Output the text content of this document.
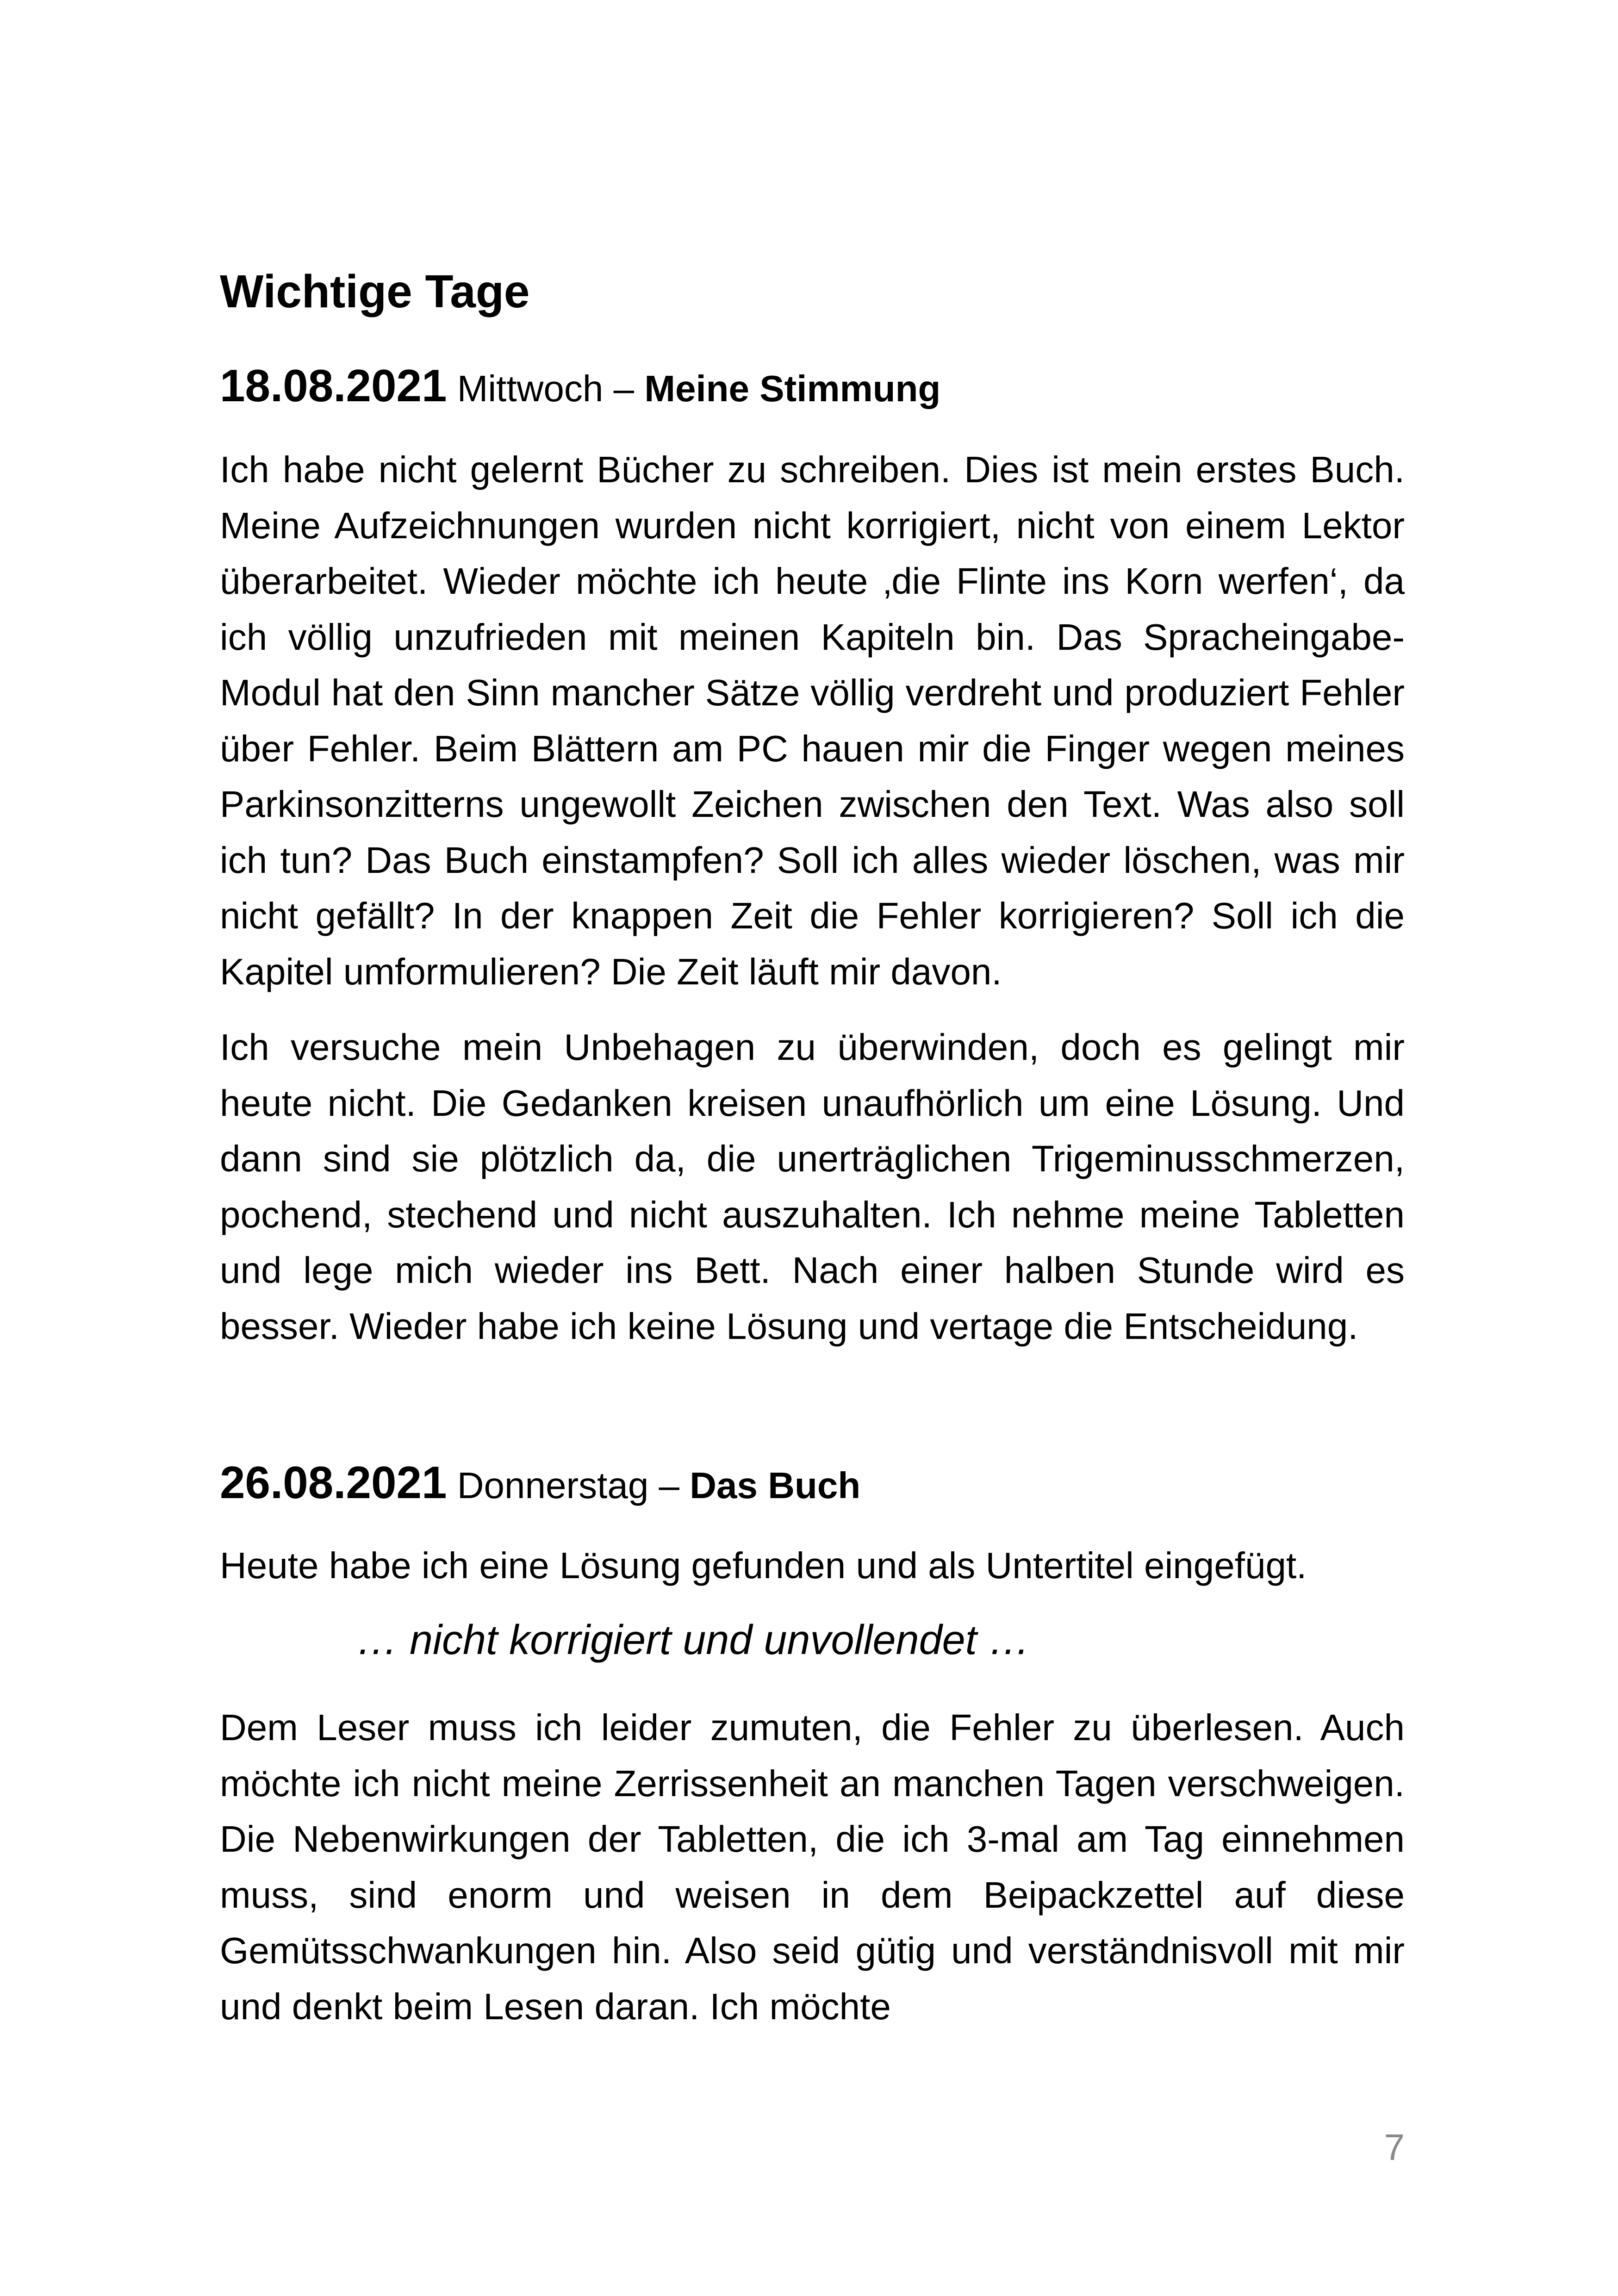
Wichtige Tage
18.08.2021 Mittwoch – Meine Stimmung

Ich habe nicht gelernt Bücher zu schreiben. Dies ist mein erstes Buch. Meine Aufzeichnungen wurden nicht korrigiert, nicht von einem Lektor überarbeitet. Wieder möchte ich heute ‚die Flinte ins Korn werfen‘, da ich völlig unzufrieden mit meinen Kapiteln bin. Das Spracheingabe-Modul hat den Sinn mancher Sätze völlig verdreht und produziert Fehler über Fehler. Beim Blättern am PC hauen mir die Finger wegen meines Parkinsonzitterns ungewollt Zeichen zwischen den Text. Was also soll ich tun? Das Buch einstampfen? Soll ich alles wieder löschen, was mir nicht gefällt? In der knappen Zeit die Fehler korrigieren? Soll ich die Kapitel umformulieren? Die Zeit läuft mir davon.

Ich versuche mein Unbehagen zu überwinden, doch es gelingt mir heute nicht. Die Gedanken kreisen unaufhörlich um eine Lösung. Und dann sind sie plötzlich da, die unerträglichen Trigeminusschmerzen, pochend, stechend und nicht auszuhalten. Ich nehme meine Tabletten und lege mich wieder ins Bett. Nach einer halben Stunde wird es besser. Wieder habe ich keine Lösung und vertage die Entscheidung.

26.08.2021 Donnerstag – Das Buch

Heute habe ich eine Lösung gefunden und als Untertitel eingefügt.

… nicht korrigiert und unvollendet …

Dem Leser muss ich leider zumuten, die Fehler zu überlesen. Auch möchte ich nicht meine Zerrissenheit an manchen Tagen verschweigen. Die Nebenwirkungen der Tabletten, die ich 3-mal am Tag einnehmen muss, sind enorm und weisen in dem Beipackzettel auf diese Gemütsschwankungen hin. Also seid gütig und verständnisvoll mit mir und denkt beim Lesen daran. Ich möchte

7
